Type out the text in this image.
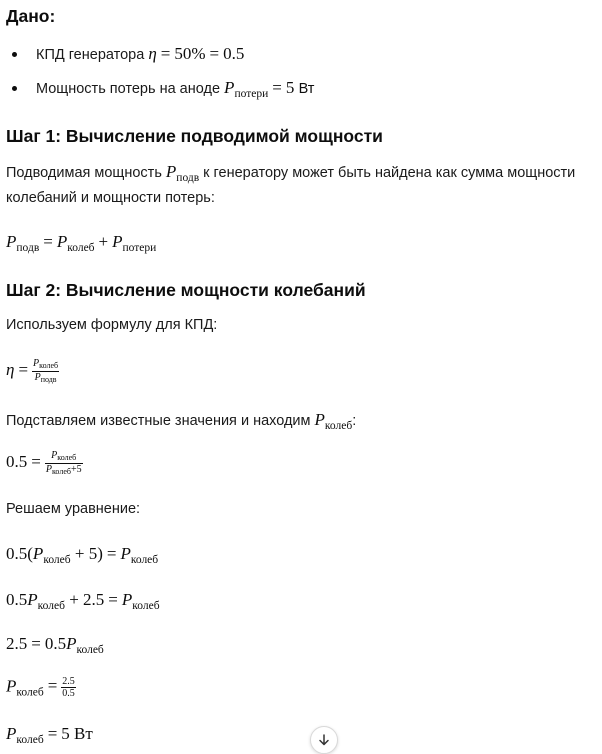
Дано:
КПД генератора η = 50% = 0.5
Мощность потерь на аноде $P_{потери} = 5$ Вт
Шаг 1: Вычисление подводимой мощности
Подводимая мощность $P_{подв}$ к генератору может быть найдена как сумма мощности
колебаний и мощности потерь:
$P_{подв} = P_{колеб} + P_{потери}$
Шаг 2: Вычисление мощности колебаний
Используем формулу для КПД:
$\eta = \frac{P_{колеб}}{P_{подв}}$
Подставляем известные значения и находим $P_{колеб}$:
$0.5 = \frac{P_{колеб}}{P_{колеб}+5}$
Решаем уравнение:
$0.5(P_{колеб} + 5) = P_{колеб}$
$0.5P_{колеб} + 2.5 = P_{колеб}$
$2.5 = 0.5P_{колеб}$
$P_{колеб} = \frac{2.5}{0.5}$
$P_{колеб} = 5$ Вт
